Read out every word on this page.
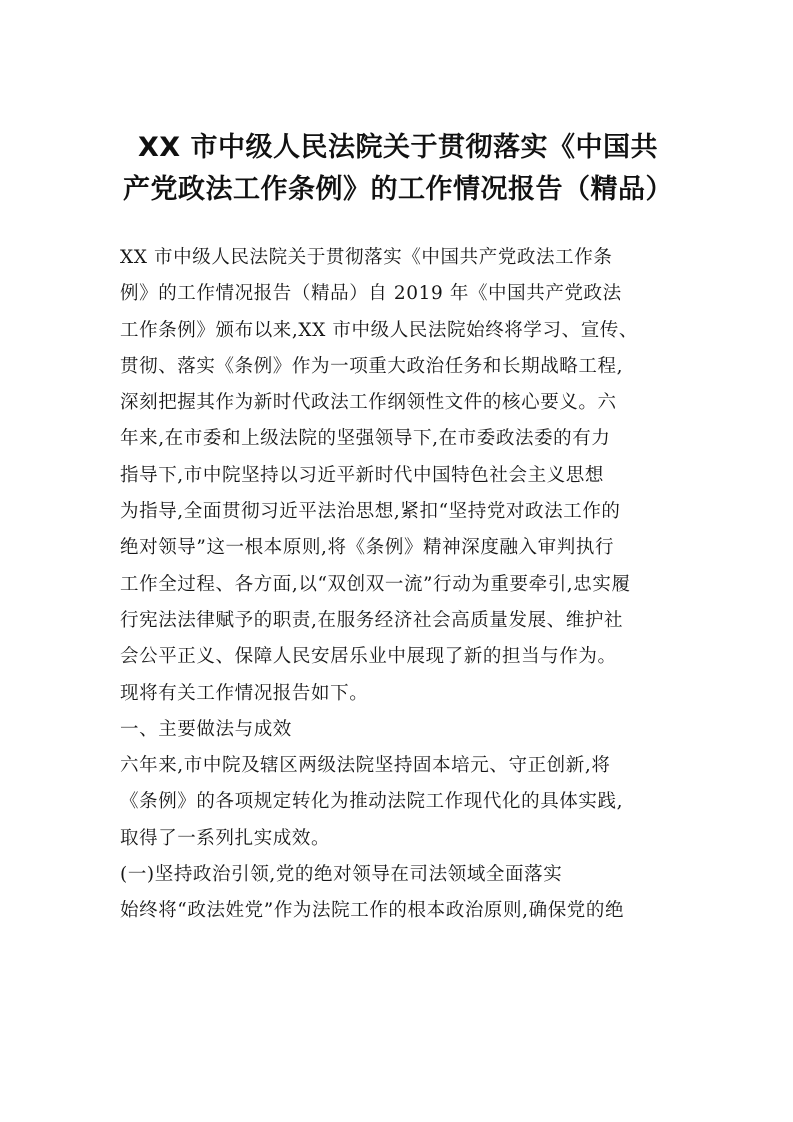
XX 市中级人民法院关于贯彻落实《中国共
产党政法工作条例》的工作情况报告（精品）
XX 市中级人民法院关于贯彻落实《中国共产党政法工作条
例》的工作情况报告（精品）自 2019 年《中国共产党政法
工作条例》颁布以来,XX 市中级人民法院始终将学习、宣传、
贯彻、落实《条例》作为一项重大政治任务和长期战略工程,
深刻把握其作为新时代政法工作纲领性文件的核心要义。六
年来,在市委和上级法院的坚强领导下,在市委政法委的有力
指导下,市中院坚持以习近平新时代中国特色社会主义思想
为指导,全面贯彻习近平法治思想,紧扣“坚持党对政法工作的
绝对领导”这一根本原则,将《条例》精神深度融入审判执行
工作全过程、各方面,以“双创双一流”行动为重要牵引,忠实履
行宪法法律赋予的职责,在服务经济社会高质量发展、维护社
会公平正义、保障人民安居乐业中展现了新的担当与作为。
现将有关工作情况报告如下。
一、主要做法与成效
六年来,市中院及辖区两级法院坚持固本培元、守正创新,将
《条例》的各项规定转化为推动法院工作现代化的具体实践,
取得了一系列扎实成效。
(一)坚持政治引领,党的绝对领导在司法领域全面落实
始终将“政法姓党”作为法院工作的根本政治原则,确保党的绝
